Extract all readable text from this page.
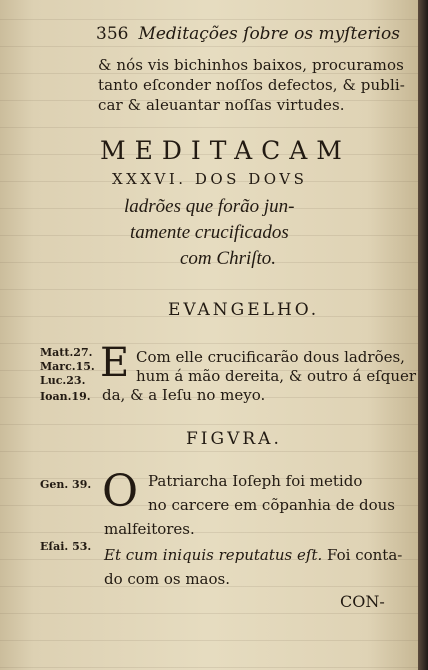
356 Meditações ſobre os myſterios
& nós vis bichinhos baixos, procuramos
tanto eſconder noſſos defectos, & publi-
car & aleuantar noſſas virtudes.
MEDITACAM
XXXVI. DOS DOVS
ladrões que forão jun-
tamente crucificados
com Chriſto.
EVANGELHO.
Matt.27.
Marc.15.
Luc.23.
Ioan.19.
E Com elle crucificarão dous ladrões,
hum á mão dereita, & outro á eſquer
da, & a Ieſu no meyo.
FIGVRA.
Gen. 39.
Eſai. 53.
O Patriarcha Ioſeph foi metido
no carcere em cõpanhia de dous
malfeitores.
Et cum iniquis reputatus eſt. Foi conta-
do com os maos.
CON-
